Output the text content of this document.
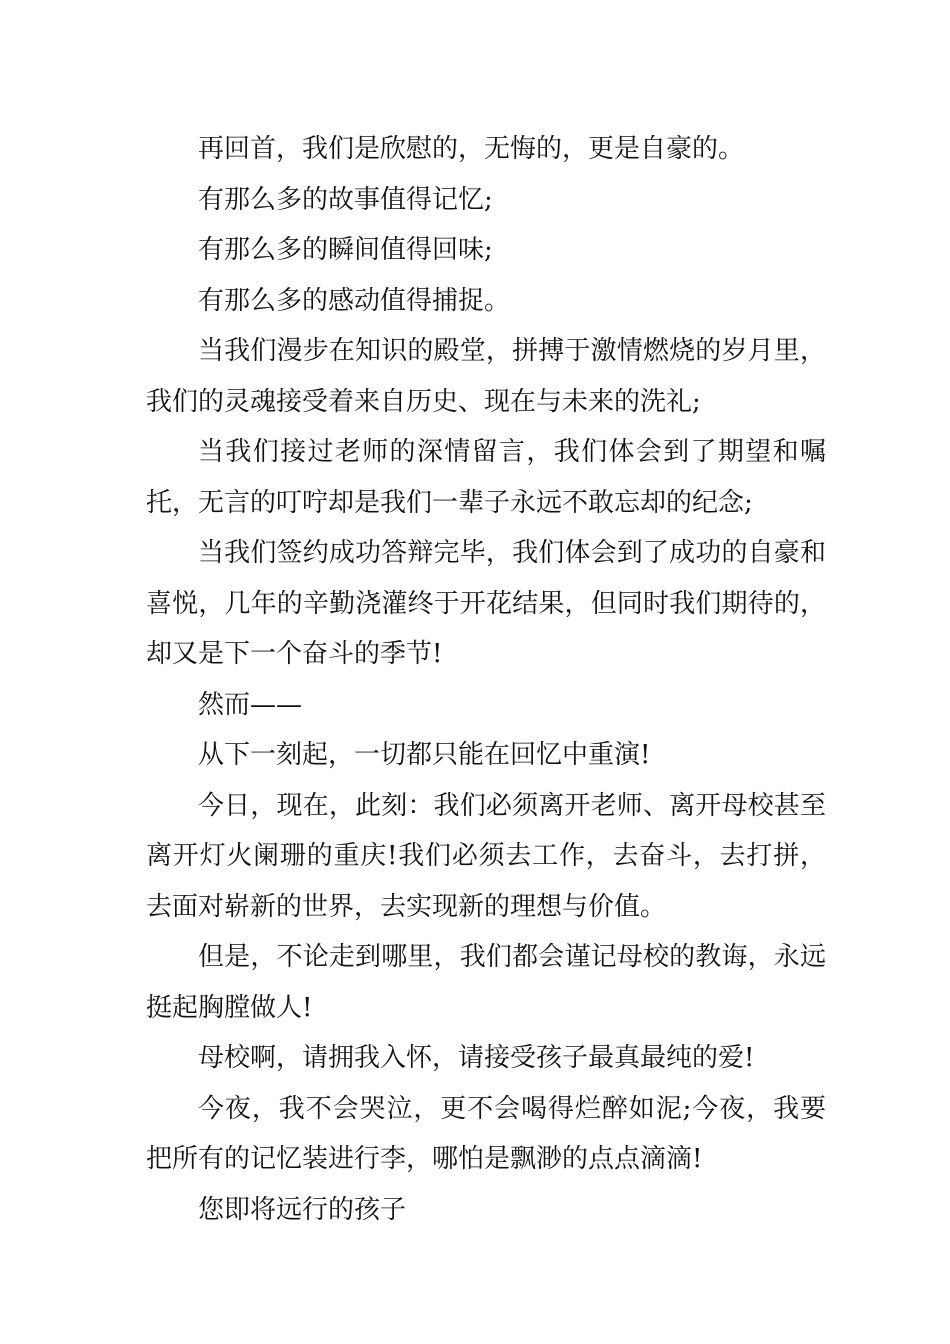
再回首，我们是欣慰的，无悔的，更是自豪的。

有那么多的故事值得记忆;

有那么多的瞬间值得回味;

有那么多的感动值得捕捉。

当我们漫步在知识的殿堂，拼搏于激情燃烧的岁月里，我们的灵魂接受着来自历史、现在与未来的洗礼;

当我们接过老师的深情留言，我们体会到了期望和嘱托，无言的叮咛却是我们一辈子永远不敢忘却的纪念;

当我们签约成功答辩完毕，我们体会到了成功的自豪和喜悦，几年的辛勤浇灌终于开花结果，但同时我们期待的，却又是下一个奋斗的季节!

然而——

从下一刻起，一切都只能在回忆中重演!

今日，现在，此刻：我们必须离开老师、离开母校甚至离开灯火阑珊的重庆!我们必须去工作，去奋斗，去打拼，去面对崭新的世界，去实现新的理想与价值。

但是，不论走到哪里，我们都会谨记母校的教诲，永远挺起胸膛做人!

母校啊，请拥我入怀，请接受孩子最真最纯的爱!

今夜，我不会哭泣，更不会喝得烂醉如泥;今夜，我要把所有的记忆装进行李，哪怕是飘渺的点点滴滴!

您即将远行的孩子
